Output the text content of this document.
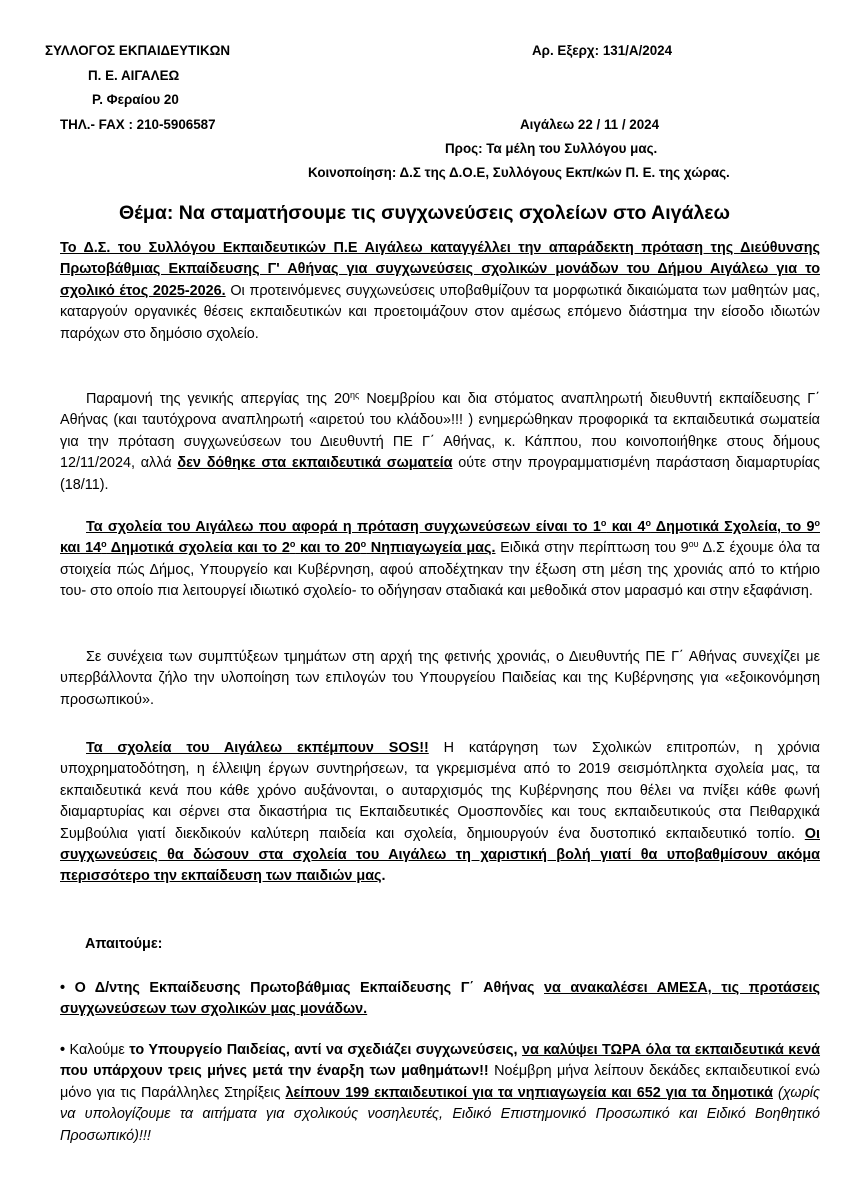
ΣΥΛΛΟΓΟΣ ΕΚΠΑΙΔΕΥΤΙΚΩΝ
Π. Ε. ΑΙΓΑΛΕΩ
Ρ. Φεραίου 20
ΤΗΛ.- FAX : 210-5906587
Αρ. Εξερχ: 131/Α/2024
Αιγάλεω 22 / 11 / 2024
Προς: Τα μέλη του Συλλόγου μας.
Κοινοποίηση: Δ.Σ της Δ.Ο.Ε, Συλλόγους Εκπ/κών Π. Ε. της χώρας.
Θέμα: Να σταματήσουμε τις συγχωνεύσεις σχολείων στο Αιγάλεω
Το Δ.Σ. του Συλλόγου Εκπαιδευτικών Π.Ε Αιγάλεω καταγγέλλει την απαράδεκτη πρόταση της Διεύθυνσης Πρωτοβάθμιας Εκπαίδευσης Γ' Αθήνας για συγχωνεύσεις σχολικών μονάδων του Δήμου Αιγάλεω για το σχολικό έτος 2025-2026. Οι προτεινόμενες συγχωνεύσεις υποβαθμίζουν τα μορφωτικά δικαιώματα των μαθητών μας, καταργούν οργανικές θέσεις εκπαιδευτικών και προετοιμάζουν στον αμέσως επόμενο διάστημα την είσοδο ιδιωτών παρόχων στο δημόσιο σχολείο.
Παραμονή της γενικής απεργίας της $20^{\eta\varsigma}$ Νοεμβρίου και δια στόματος αναπληρωτή διευθυντή εκπαίδευσης Γ΄ Αθήνας (και ταυτόχρονα αναπληρωτή «αιρετού του κλάδου»!!! ) ενημερώθηκαν προφορικά τα εκπαιδευτικά σωματεία για την πρόταση συγχωνεύσεων του Διευθυντή ΠΕ Γ΄ Αθήνας, κ. Κάππου, που κοινοποιήθηκε στους δήμους 12/11/2024, αλλά δεν δόθηκε στα εκπαιδευτικά σωματεία ούτε στην προγραμματισμένη παράσταση διαμαρτυρίας (18/11).
Τα σχολεία του Αιγάλεω που αφορά η πρόταση συγχωνεύσεων είναι το $1^o$ και $4^o$ Δημοτικά Σχολεία, το $9^o$ και $14^o$ Δημοτικά σχολεία και το $2^o$ και το $20^o$ Νηπιαγωγεία μας. Ειδικά στην περίπτωση του $9^{o\upsilon}$ Δ.Σ έχουμε όλα τα στοιχεία πώς Δήμος, Υπουργείο και Κυβέρνηση, αφού αποδέχτηκαν την έξωση στη μέση της χρονιάς από το κτήριο του- στο οποίο πια λειτουργεί ιδιωτικό σχολείο- το οδήγησαν σταδιακά και μεθοδικά στον μαρασμό και στην εξαφάνιση.
Σε συνέχεια των συμπτύξεων τμημάτων στη αρχή της φετινής χρονιάς, ο Διευθυντής ΠΕ Γ΄ Αθήνας συνεχίζει με υπερβάλλοντα ζήλο την υλοποίηση των επιλογών του Υπουργείου Παιδείας και της Κυβέρνησης για «εξοικονόμηση προσωπικού».
Τα σχολεία του Αιγάλεω εκπέμπουν SOS!! Η κατάργηση των Σχολικών επιτροπών, η χρόνια υποχρηματοδότηση, η έλλειψη έργων συντηρήσεων, τα γκρεμισμένα από το 2019 σεισμόπληκτα σχολεία μας, τα εκπαιδευτικά κενά που κάθε χρόνο αυξάνονται, ο αυταρχισμός της Κυβέρνησης που θέλει να πνίξει κάθε φωνή διαμαρτυρίας και σέρνει στα δικαστήρια τις Εκπαιδευτικές Ομοσπονδίες και τους εκπαιδευτικούς στα Πειθαρχικά Συμβούλια γιατί διεκδικούν καλύτερη παιδεία και σχολεία, δημιουργούν ένα δυστοπικό εκπαιδευτικό τοπίο. Οι συγχωνεύσεις θα δώσουν στα σχολεία του Αιγάλεω τη χαριστική βολή γιατί θα υποβαθμίσουν ακόμα περισσότερο την εκπαίδευση των παιδιών μας.
Απαιτούμε:
• Ο Δ/ντης Εκπαίδευσης Πρωτοβάθμιας Εκπαίδευσης Γ΄ Αθήνας να ανακαλέσει ΑΜΕΣΑ, τις προτάσεις συγχωνεύσεων των σχολικών μας μονάδων.
• Καλούμε το Υπουργείο Παιδείας, αντί να σχεδιάζει συγχωνεύσεις, να καλύψει ΤΩΡΑ όλα τα εκπαιδευτικά κενά που υπάρχουν τρεις μήνες μετά την έναρξη των μαθημάτων!! Νοέμβρη μήνα λείπουν δεκάδες εκπαιδευτικοί ενώ μόνο για τις Παράλληλες Στηρίξεις λείπουν 199 εκπαιδευτικοί για τα νηπιαγωγεία και 652 για τα δημοτικά (χωρίς να υπολογίζουμε τα αιτήματα για σχολικούς νοσηλευτές, Ειδικό Επιστημονικό Προσωπικό και Ειδικό Βοηθητικό Προσωπικό)!!!
